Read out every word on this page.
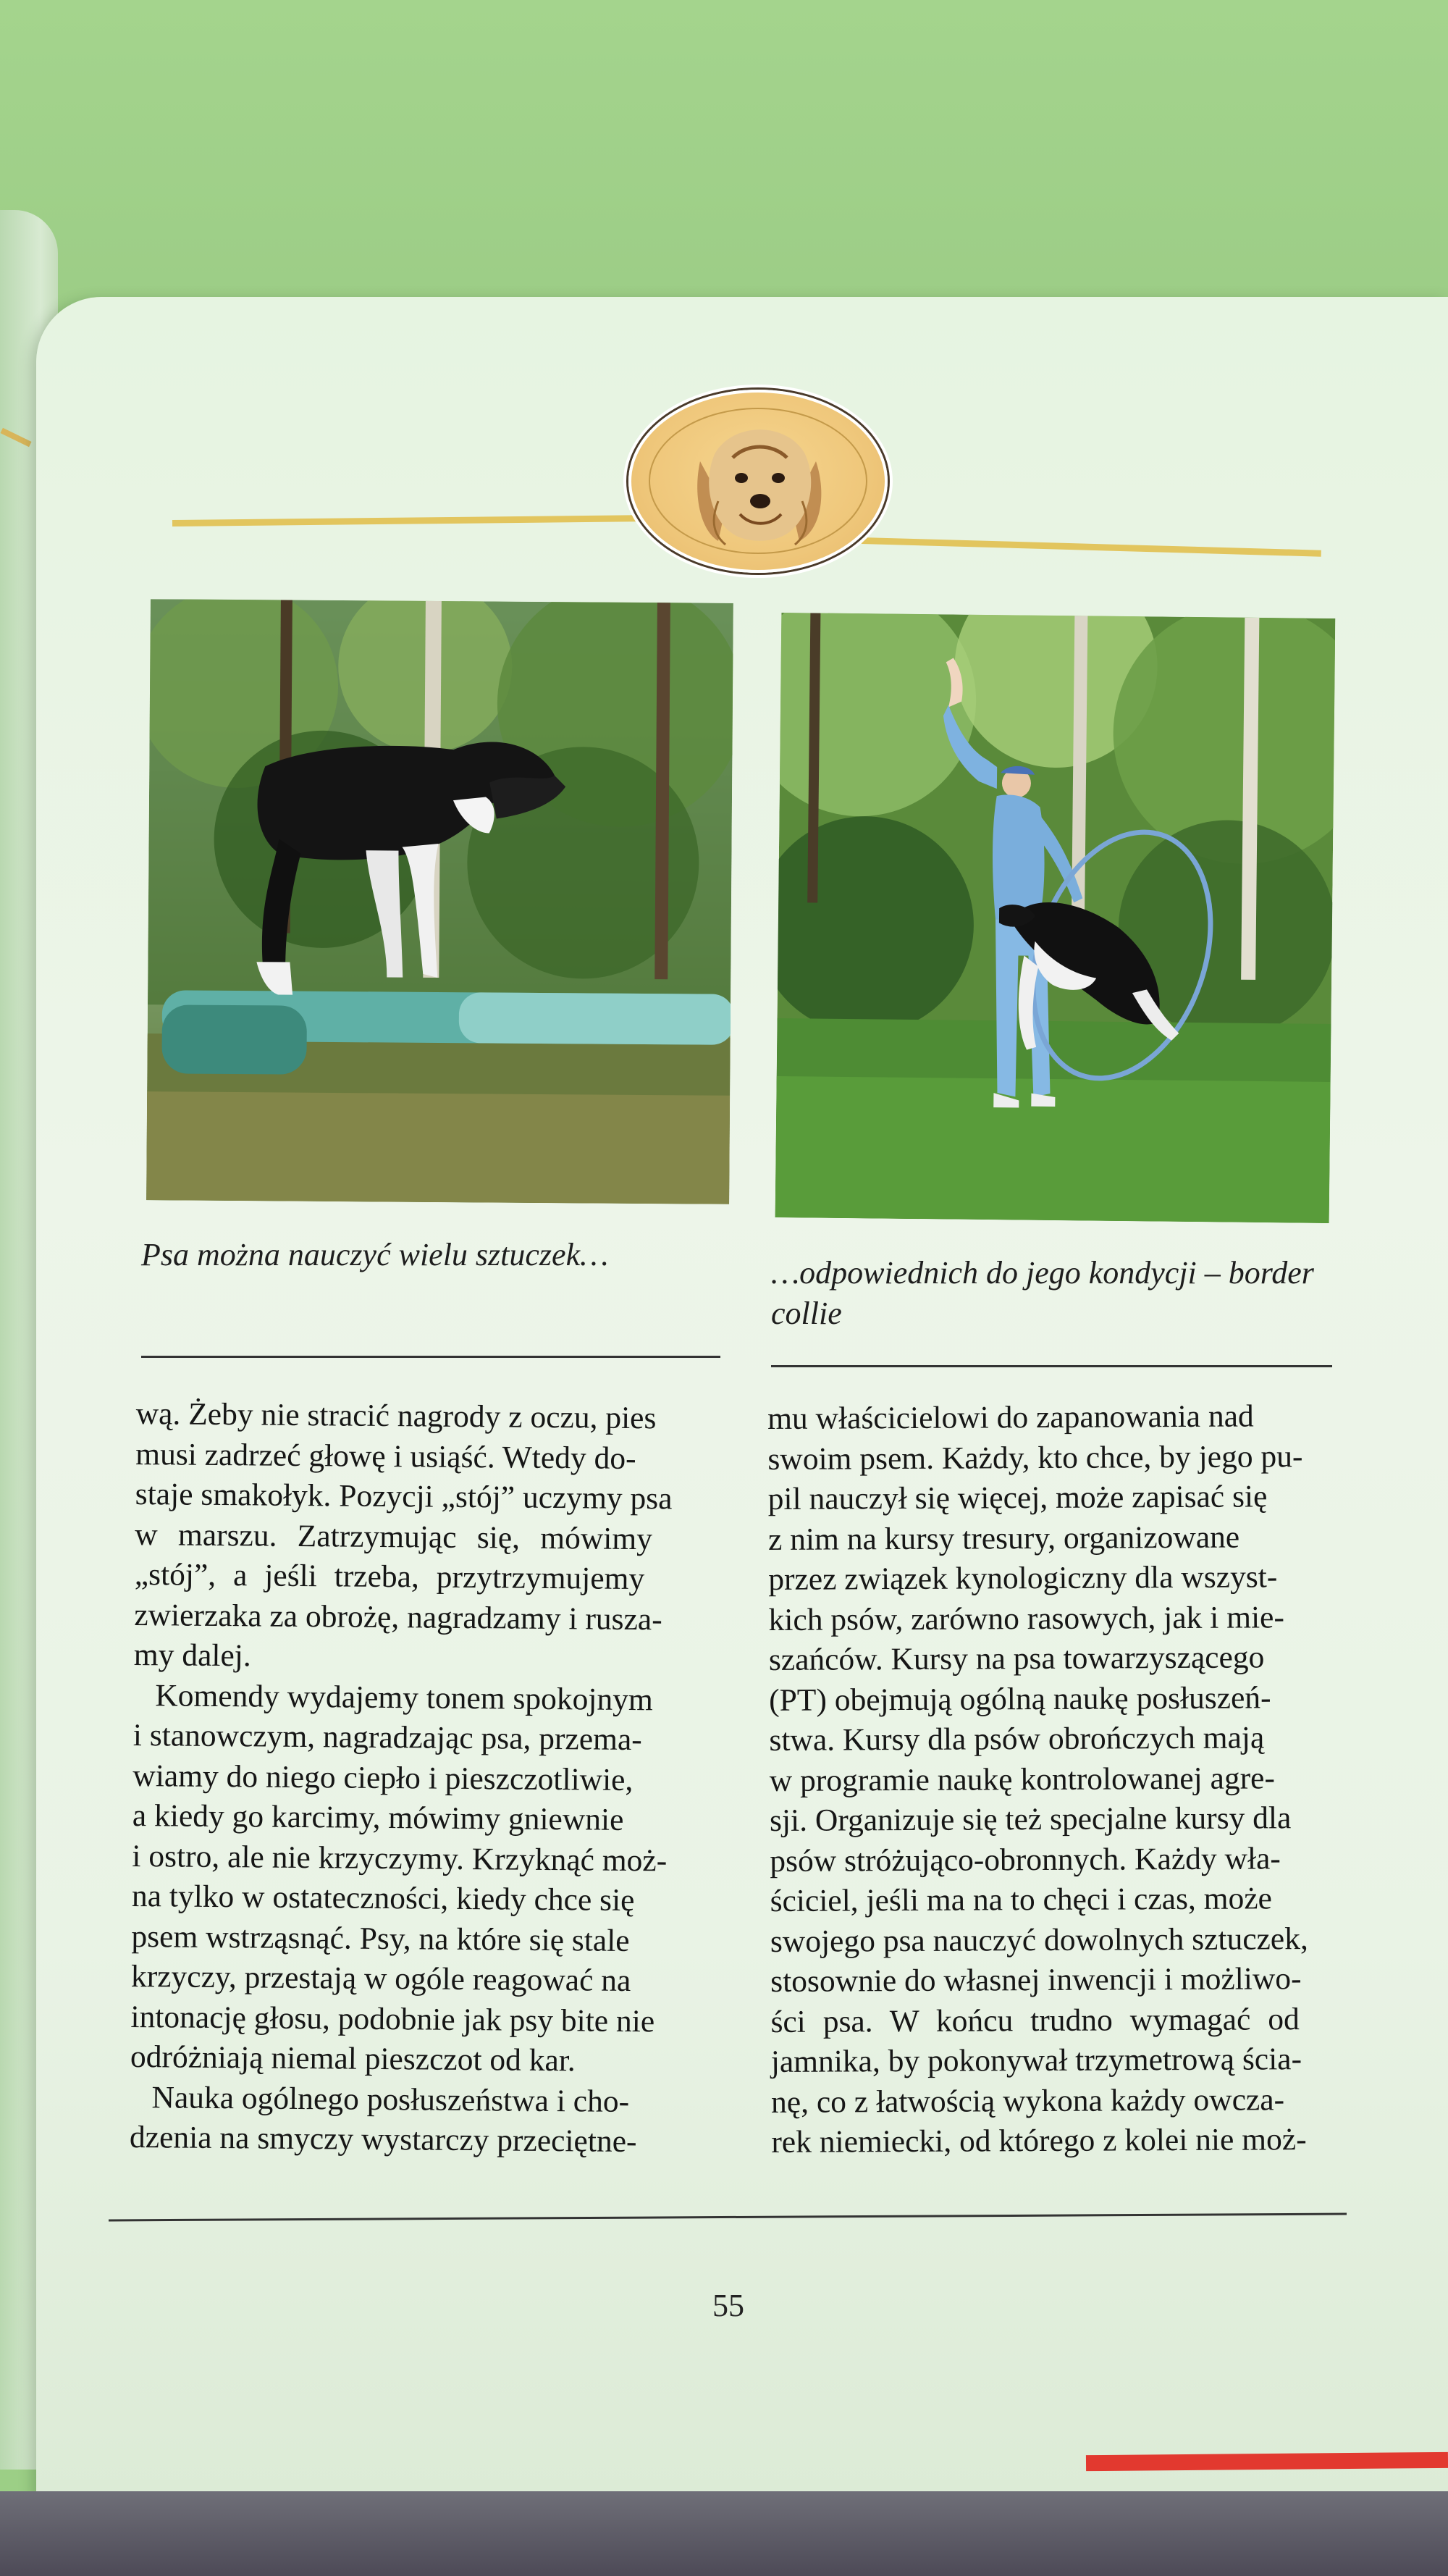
Psa można nauczyć wielu sztuczek…
…odpowiednich do jego kondycji – border collie
wą. Żeby nie stracić nagrody z oczu, pies
musi zadrzeć głowę i usiąść. Wtedy do-
staje smakołyk. Pozycji „stój” uczymy psa
w marszu. Zatrzymując się, mówimy
„stój”, a jeśli trzeba, przytrzymujemy
zwierzaka za obrożę, nagradzamy i rusza-
my dalej.
Komendy wydajemy tonem spokojnym
i stanowczym, nagradzając psa, przema-
wiamy do niego ciepło i pieszczotliwie,
a kiedy go karcimy, mówimy gniewnie
i ostro, ale nie krzyczymy. Krzyknąć moż-
na tylko w ostateczności, kiedy chce się
psem wstrząsnąć. Psy, na które się stale
krzyczy, przestają w ogóle reagować na
intonację głosu, podobnie jak psy bite nie
odróżniają niemal pieszczot od kar.
Nauka ogólnego posłuszeństwa i cho-
dzenia na smyczy wystarczy przeciętne-
mu właścicielowi do zapanowania nad
swoim psem. Każdy, kto chce, by jego pu-
pil nauczył się więcej, może zapisać się
z nim na kursy tresury, organizowane
przez związek kynologiczny dla wszyst-
kich psów, zarówno rasowych, jak i mie-
szańców. Kursy na psa towarzyszącego
(PT) obejmują ogólną naukę posłuszeń-
stwa. Kursy dla psów obrończych mają
w programie naukę kontrolowanej agre-
sji. Organizuje się też specjalne kursy dla
psów stróżująco-obronnych. Każdy wła-
ściciel, jeśli ma na to chęci i czas, może
swojego psa nauczyć dowolnych sztuczek,
stosownie do własnej inwencji i możliwo-
ści psa. W końcu trudno wymagać od
jamnika, by pokonywał trzymetrową ścia-
nę, co z łatwością wykona każdy owcza-
rek niemiecki, od którego z kolei nie moż-
55
